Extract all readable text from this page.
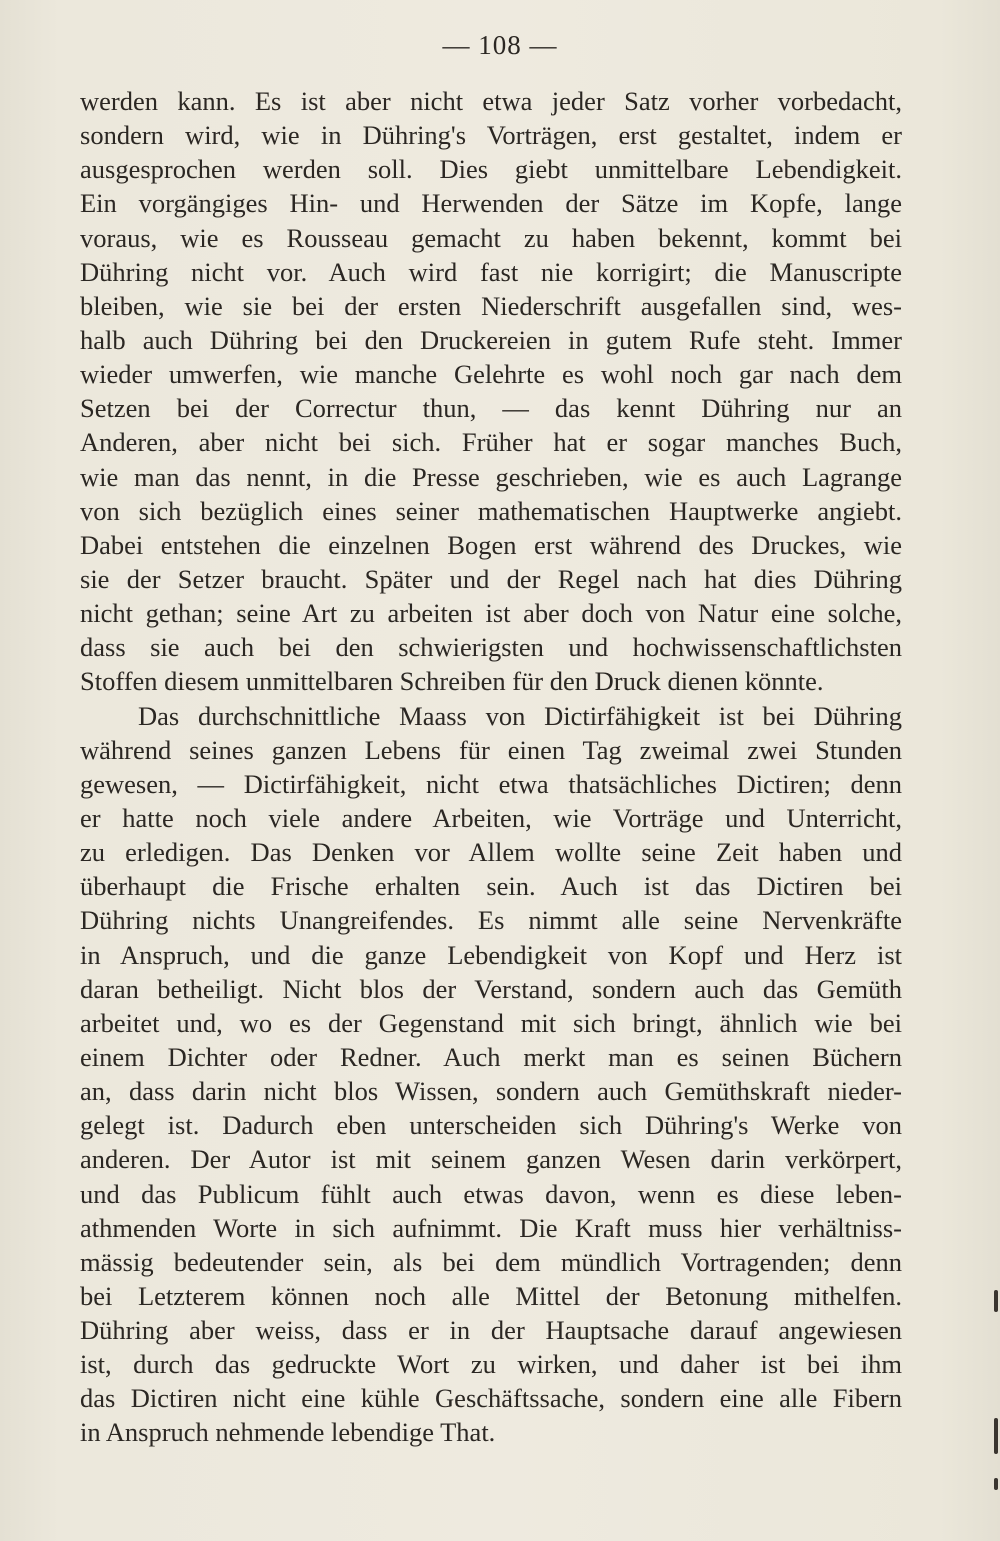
— 108 —
werden kann. Es ist aber nicht etwa jeder Satz vorher vorbedacht,
sondern wird, wie in Dühring's Vorträgen, erst gestaltet, indem er
ausgesprochen werden soll. Dies giebt unmittelbare Lebendigkeit.
Ein vorgängiges Hin- und Herwenden der Sätze im Kopfe, lange
voraus, wie es Rousseau gemacht zu haben bekennt, kommt bei
Dühring nicht vor. Auch wird fast nie korrigirt; die Manuscripte
bleiben, wie sie bei der ersten Niederschrift ausgefallen sind, wes-
halb auch Dühring bei den Druckereien in gutem Rufe steht. Immer
wieder umwerfen, wie manche Gelehrte es wohl noch gar nach dem
Setzen bei der Correctur thun, — das kennt Dühring nur an
Anderen, aber nicht bei sich. Früher hat er sogar manches Buch,
wie man das nennt, in die Presse geschrieben, wie es auch Lagrange
von sich bezüglich eines seiner mathematischen Hauptwerke angiebt.
Dabei entstehen die einzelnen Bogen erst während des Druckes, wie
sie der Setzer braucht. Später und der Regel nach hat dies Dühring
nicht gethan; seine Art zu arbeiten ist aber doch von Natur eine solche,
dass sie auch bei den schwierigsten und hochwissenschaftlichsten
Stoffen diesem unmittelbaren Schreiben für den Druck dienen könnte.
Das durchschnittliche Maass von Dictirfähigkeit ist bei Dühring
während seines ganzen Lebens für einen Tag zweimal zwei Stunden
gewesen, — Dictirfähigkeit, nicht etwa thatsächliches Dictiren; denn
er hatte noch viele andere Arbeiten, wie Vorträge und Unterricht,
zu erledigen. Das Denken vor Allem wollte seine Zeit haben und
überhaupt die Frische erhalten sein. Auch ist das Dictiren bei
Dühring nichts Unangreifendes. Es nimmt alle seine Nervenkräfte
in Anspruch, und die ganze Lebendigkeit von Kopf und Herz ist
daran betheiligt. Nicht blos der Verstand, sondern auch das Gemüth
arbeitet und, wo es der Gegenstand mit sich bringt, ähnlich wie bei
einem Dichter oder Redner. Auch merkt man es seinen Büchern
an, dass darin nicht blos Wissen, sondern auch Gemüthskraft nieder-
gelegt ist. Dadurch eben unterscheiden sich Dühring's Werke von
anderen. Der Autor ist mit seinem ganzen Wesen darin verkörpert,
und das Publicum fühlt auch etwas davon, wenn es diese leben-
athmenden Worte in sich aufnimmt. Die Kraft muss hier verhältniss-
mässig bedeutender sein, als bei dem mündlich Vortragenden; denn
bei Letzterem können noch alle Mittel der Betonung mithelfen.
Dühring aber weiss, dass er in der Hauptsache darauf angewiesen
ist, durch das gedruckte Wort zu wirken, und daher ist bei ihm
das Dictiren nicht eine kühle Geschäftssache, sondern eine alle Fibern
in Anspruch nehmende lebendige That.
